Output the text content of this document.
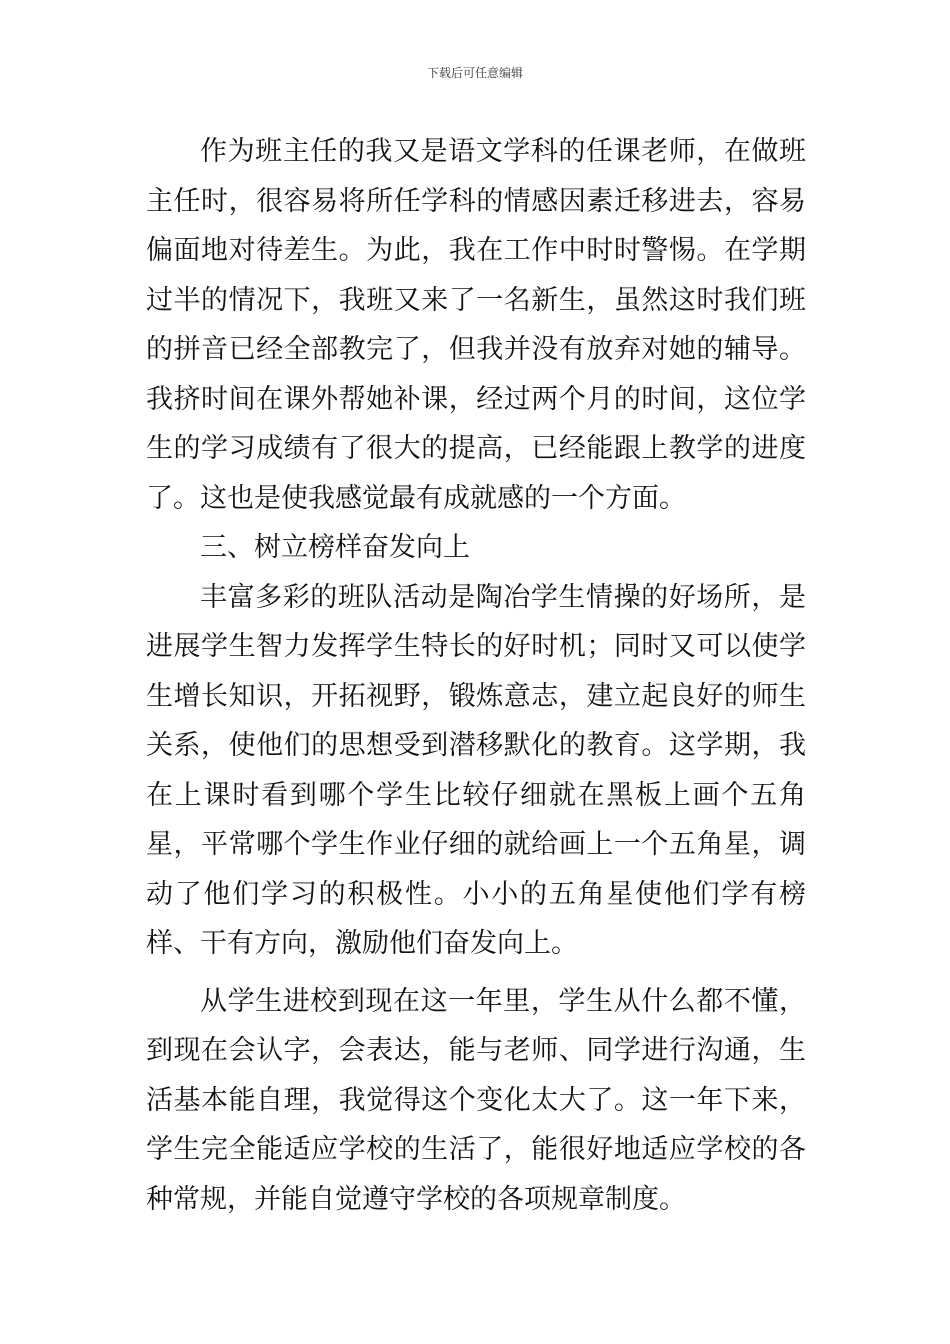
下载后可任意编辑

作为班主任的我又是语文学科的任课老师，在做班主任时，很容易将所任学科的情感因素迁移进去，容易偏面地对待差生。为此，我在工作中时时警惕。在学期过半的情况下，我班又来了一名新生，虽然这时我们班的拼音已经全部教完了，但我并没有放弃对她的辅导。我挤时间在课外帮她补课，经过两个月的时间，这位学生的学习成绩有了很大的提高，已经能跟上教学的进度了。这也是使我感觉最有成就感的一个方面。

三、树立榜样奋发向上

丰富多彩的班队活动是陶冶学生情操的好场所，是进展学生智力发挥学生特长的好时机；同时又可以使学生增长知识，开拓视野，锻炼意志，建立起良好的师生关系，使他们的思想受到潜移默化的教育。这学期，我在上课时看到哪个学生比较仔细就在黑板上画个五角星，平常哪个学生作业仔细的就给画上一个五角星，调动了他们学习的积极性。小小的五角星使他们学有榜样、干有方向，激励他们奋发向上。

从学生进校到现在这一年里，学生从什么都不懂，到现在会认字，会表达，能与老师、同学进行沟通，生活基本能自理，我觉得这个变化太大了。这一年下来，学生完全能适应学校的生活了，能很好地适应学校的各种常规，并能自觉遵守学校的各项规章制度。
